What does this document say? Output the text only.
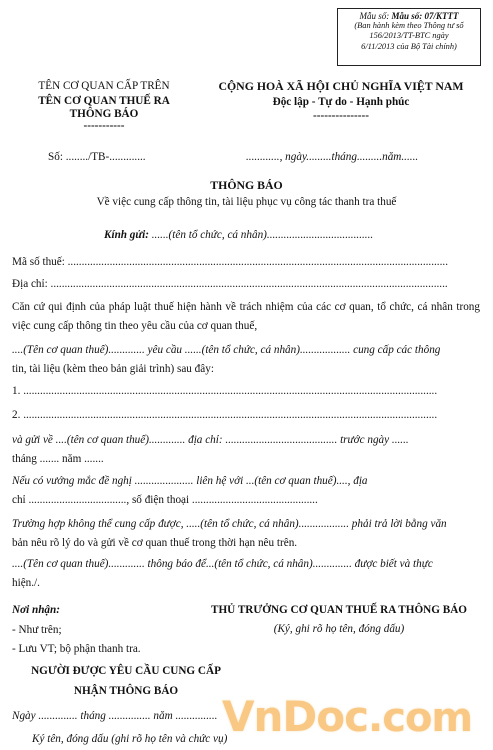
Mẫu số: Mẫu số: 07/KTTT
(Ban hành kèm theo Thông tư số
156/2013/TT-BTC ngày
6/11/2013 của Bộ Tài chính)
TÊN CƠ QUAN CẤP TRÊN
TÊN CƠ QUAN THUẾ RA
THÔNG BÁO
-----------
Số: ......../TB-.............
CỘNG HOÀ XÃ HỘI CHỦ NGHĨA VIỆT NAM
Độc lập - Tự do - Hạnh phúc
---------------
............, ngày.........tháng.........năm......
THÔNG BÁO
Về việc cung cấp thông tin, tài liệu phục vụ công tác thanh tra thuế
Kính gửi: ......(tên tổ chức, cá nhân)......................................
Mã số thuế: ........................................................................................................................................
Địa chỉ: ..............................................................................................................................................
Căn cứ qui định của pháp luật thuế hiện hành về trách nhiệm của các cơ quan, tổ chức, cá nhân trong việc cung cấp thông tin theo yêu cầu của cơ quan thuế,
....(Tên cơ quan thuế)............. yêu cầu ......(tên tổ chức, cá nhân).................. cung cấp các thông
tin, tài liệu (kèm theo bản giải trình) sau đây:
1. ....................................................................................................................................................
2. ....................................................................................................................................................
và gửi về ....(tên cơ quan thuế)............. địa chỉ: ........................................ trước ngày ......
tháng ....... năm .......
Nếu có vướng mắc đề nghị ..................... liên hệ với ...(tên cơ quan thuế)...., địa
chỉ ..................................., số điện thoại .............................................
Trường hợp không thể cung cấp được, .....(tên tổ chức, cá nhân).................. phải trả lời bằng văn
bản nêu rõ lý do và gửi về cơ quan thuế trong thời hạn nêu trên.
....(Tên cơ quan thuế)............. thông báo để...(tên tổ chức, cá nhân).............. được biết và thực
hiện./.
Nơi nhận:
- Như trên;
- Lưu VT; bộ phận thanh tra.
THỦ TRƯỞNG CƠ QUAN THUẾ RA THÔNG BÁO
(Ký, ghi rõ họ tên, đóng dấu)
NGƯỜI ĐƯỢC YÊU CẦU CUNG CẤP
NHẬN THÔNG BÁO
Ngày .............. tháng ............... năm ...............
Ký tên, đóng dấu (ghi rõ họ tên và chức vụ)
VnDoc.com
